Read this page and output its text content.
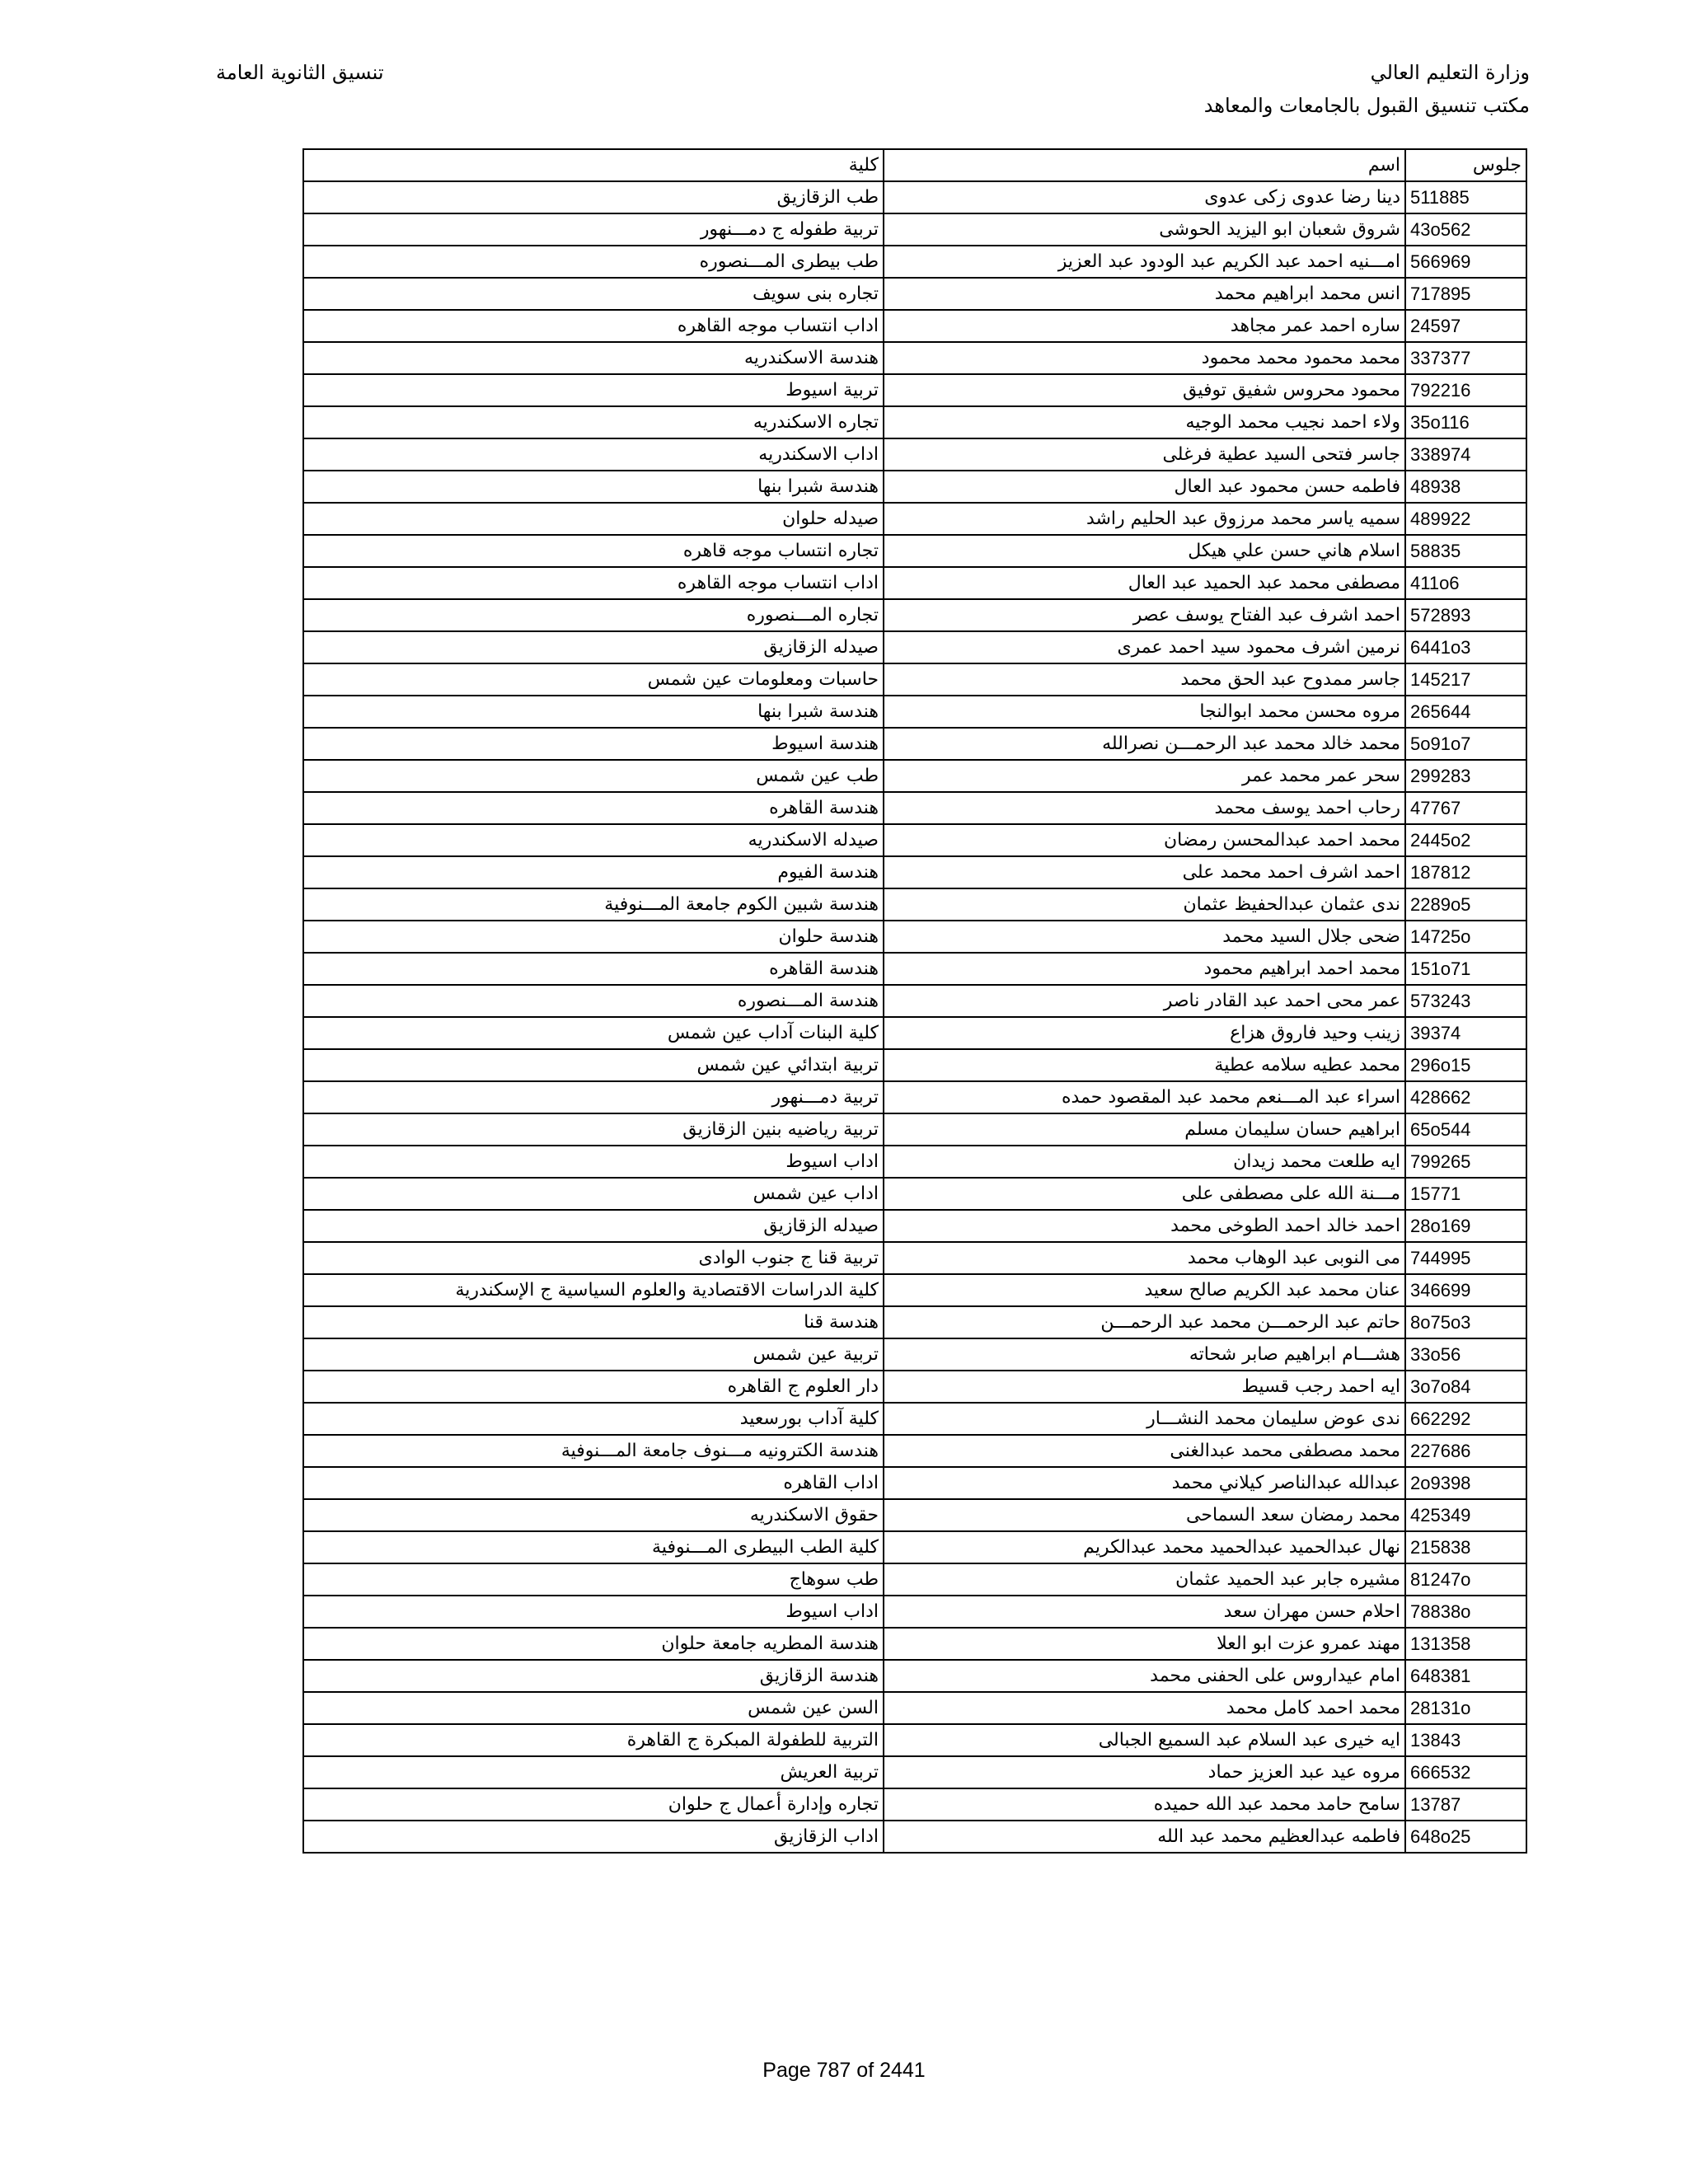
وزارة التعليم العالي
مكتب تنسيق القبول بالجامعات والمعاهد
تنسيق الثانوية العامة
جلوس	اسم	كلية
511885	دينا رضا عدوى زكى عدوى	طب الزقازيق
43o562	شروق شعبان ابو اليزيد الحوشى	تربية طفوله ج دمـــنهور
566969	امـــنيه احمد عبد الكريم عبد الودود عبد العزيز	طب بيطرى المـــنصوره
717895	انس محمد ابراهيم محمد	تجاره بنى سويف
24597	ساره احمد عمر مجاهد	اداب انتساب موجه القاهره
337377	محمد محمود محمد محمود	هندسة الاسكندريه
792216	محمود محروس شفيق توفيق	تربية اسيوط
35o116	ولاء احمد نجيب محمد الوجيه	تجاره الاسكندريه
338974	جاسر فتحى السيد عطية فرغلى	اداب الاسكندريه
48938	فاطمه حسن محمود عبد العال	هندسة شبرا بنها
489922	سميه ياسر محمد مرزوق عبد الحليم راشد	صيدله حلوان
58835	اسلام هاني حسن علي هيكل	تجاره انتساب موجه قاهره
411o6	مصطفى محمد عبد الحميد عبد العال	اداب انتساب موجه القاهره
572893	احمد اشرف عبد الفتاح يوسف عصر	تجاره المـــنصوره
6441o3	نرمين اشرف محمود سيد احمد عمرى	صيدله الزقازيق
145217	جاسر ممدوح عبد الحق محمد	حاسبات ومعلومات عين شمس
265644	مروه محسن محمد ابوالنجا	هندسة شبرا بنها
5o91o7	محمد خالد محمد عبد الرحمـــن نصرالله	هندسة اسيوط
299283	سحر عمر محمد عمر	طب عين شمس
47767	رحاب احمد يوسف محمد	هندسة القاهره
2445o2	محمد احمد عبدالمحسن رمضان	صيدله الاسكندريه
187812	احمد اشرف احمد محمد على	هندسة الفيوم
2289o5	ندى عثمان عبدالحفيظ عثمان	هندسة شبين الكوم جامعة المـــنوفية
14725o	ضحى جلال السيد محمد	هندسة حلوان
151o71	محمد احمد ابراهيم محمود	هندسة القاهره
573243	عمر محى احمد عبد القادر ناصر	هندسة المـــنصوره
39374	زينب وحيد فاروق هزاع	كلية البنات آداب عين شمس
296o15	محمد عطيه سلامه عطية	تربية ابتدائي عين شمس
428662	اسراء عبد المـــنعم محمد عبد المقصود حمده	تربية دمـــنهور
65o544	ابراهيم حسان سليمان مسلم	تربية رياضيه بنين الزقازيق
799265	ايه طلعت محمد زيدان	اداب اسيوط
15771	مـــنة الله على مصطفى على	اداب عين شمس
28o169	احمد خالد احمد الطوخى محمد	صيدله الزقازيق
744995	مى النوبى عبد الوهاب محمد	تربية قنا ج جنوب الوادى
346699	عنان محمد عبد الكريم صالح سعيد	كلية الدراسات الاقتصادية والعلوم السياسية ج الإسكندرية
8o75o3	حاتم عبد الرحمـــن محمد عبد الرحمـــن	هندسة قنا
33o56	هشـــام ابراهيم صابر شحاته	تربية عين شمس
3o7o84	ايه احمد رجب قسيط	دار العلوم ج القاهره
662292	ندى عوض سليمان محمد النشـــار	كلية آداب بورسعيد
227686	محمد مصطفى محمد عبدالغنى	هندسة الكترونيه مـــنوف جامعة المـــنوفية
2o9398	عبدالله عبدالناصر كيلاني محمد	اداب القاهره
425349	محمد رمضان سعد السماحى	حقوق الاسكندريه
215838	نهال عبدالحميد عبدالحميد محمد عبدالكريم	كلية الطب البيطرى المـــنوفية
81247o	مشيره جابر عبد الحميد عثمان	طب سوهاج
78838o	احلام حسن مهران سعد	اداب اسيوط
131358	مهند عمرو عزت ابو العلا	هندسة المطريه جامعة حلوان
648381	امام عيداروس على الحفنى محمد	هندسة الزقازيق
28131o	محمد احمد كامل محمد	السن عين شمس
13843	ايه خيرى عبد السلام عبد السميع الجبالى	التربية للطفولة المبكرة ج القاهرة
666532	مروه عيد عبد العزيز حماد	تربية العريش
13787	سامح حامد محمد عبد الله حميده	تجاره وإدارة أعمال ج حلوان
648o25	فاطمه عبدالعظيم محمد عبد الله	اداب الزقازيق
Page 787 of 2441
